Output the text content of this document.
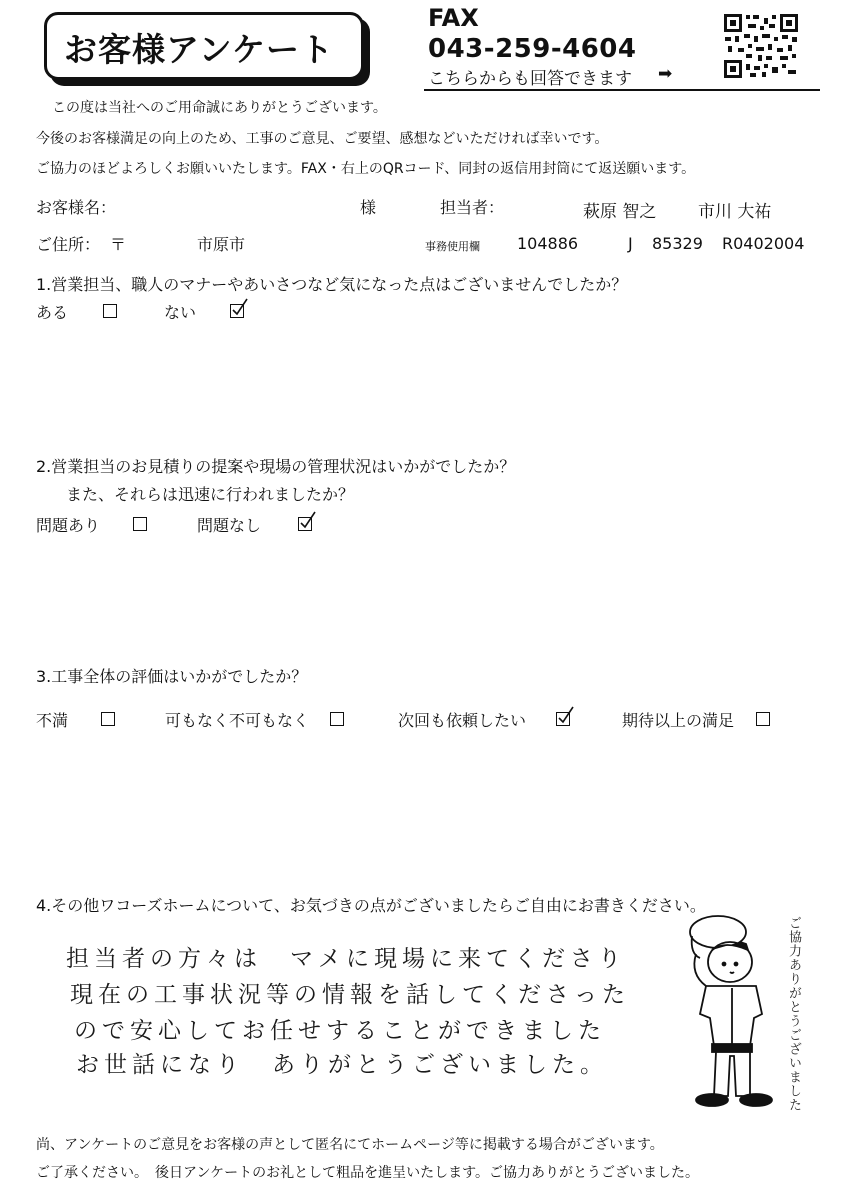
お客様アンケート
FAX
043-259-4604
こちらからも回答できます ➡
この度は当社へのご用命誠にありがとうございます。
今後のお客様満足の向上のため、工事のご意見、ご要望、感想などいただければ幸いです。
ご協力のほどよろしくお願いいたします。FAX・右上のQRコード、同封の返信用封筒にて返送願います。
お客様名：	様	担当者：	萩原 智之 市川 大祐
ご住所： 〒	市原市	事務使用欄 104886	J 85329 R0402004
1.営業担当、職人のマナーやあいさつなど気になった点はございませんでしたか？
ある	ない
2.営業担当のお見積りの提案や現場の管理状況はいかがでしたか？
また、それらは迅速に行われましたか？
問題あり	問題なし
3.工事全体の評価はいかがでしたか？
不満	可もなく不可もなく	次回も依頼したい	期待以上の満足
4.その他ワコーズホームについて、お気づきの点がございましたらご自由にお書きください。
担当者の方々は　マメに現場に来てくださり
現在の工事状況等の情報を話してくださった
ので安心してお任せすることができました
お世話になり　ありがとうございました。	ご協力ありがとうございました
尚、アンケートのご意見をお客様の声として匿名にてホームページ等に掲載する場合がございます。
ご了承ください。　後日アンケートのお礼として粗品を進呈いたします。ご協力ありがとうございました。
